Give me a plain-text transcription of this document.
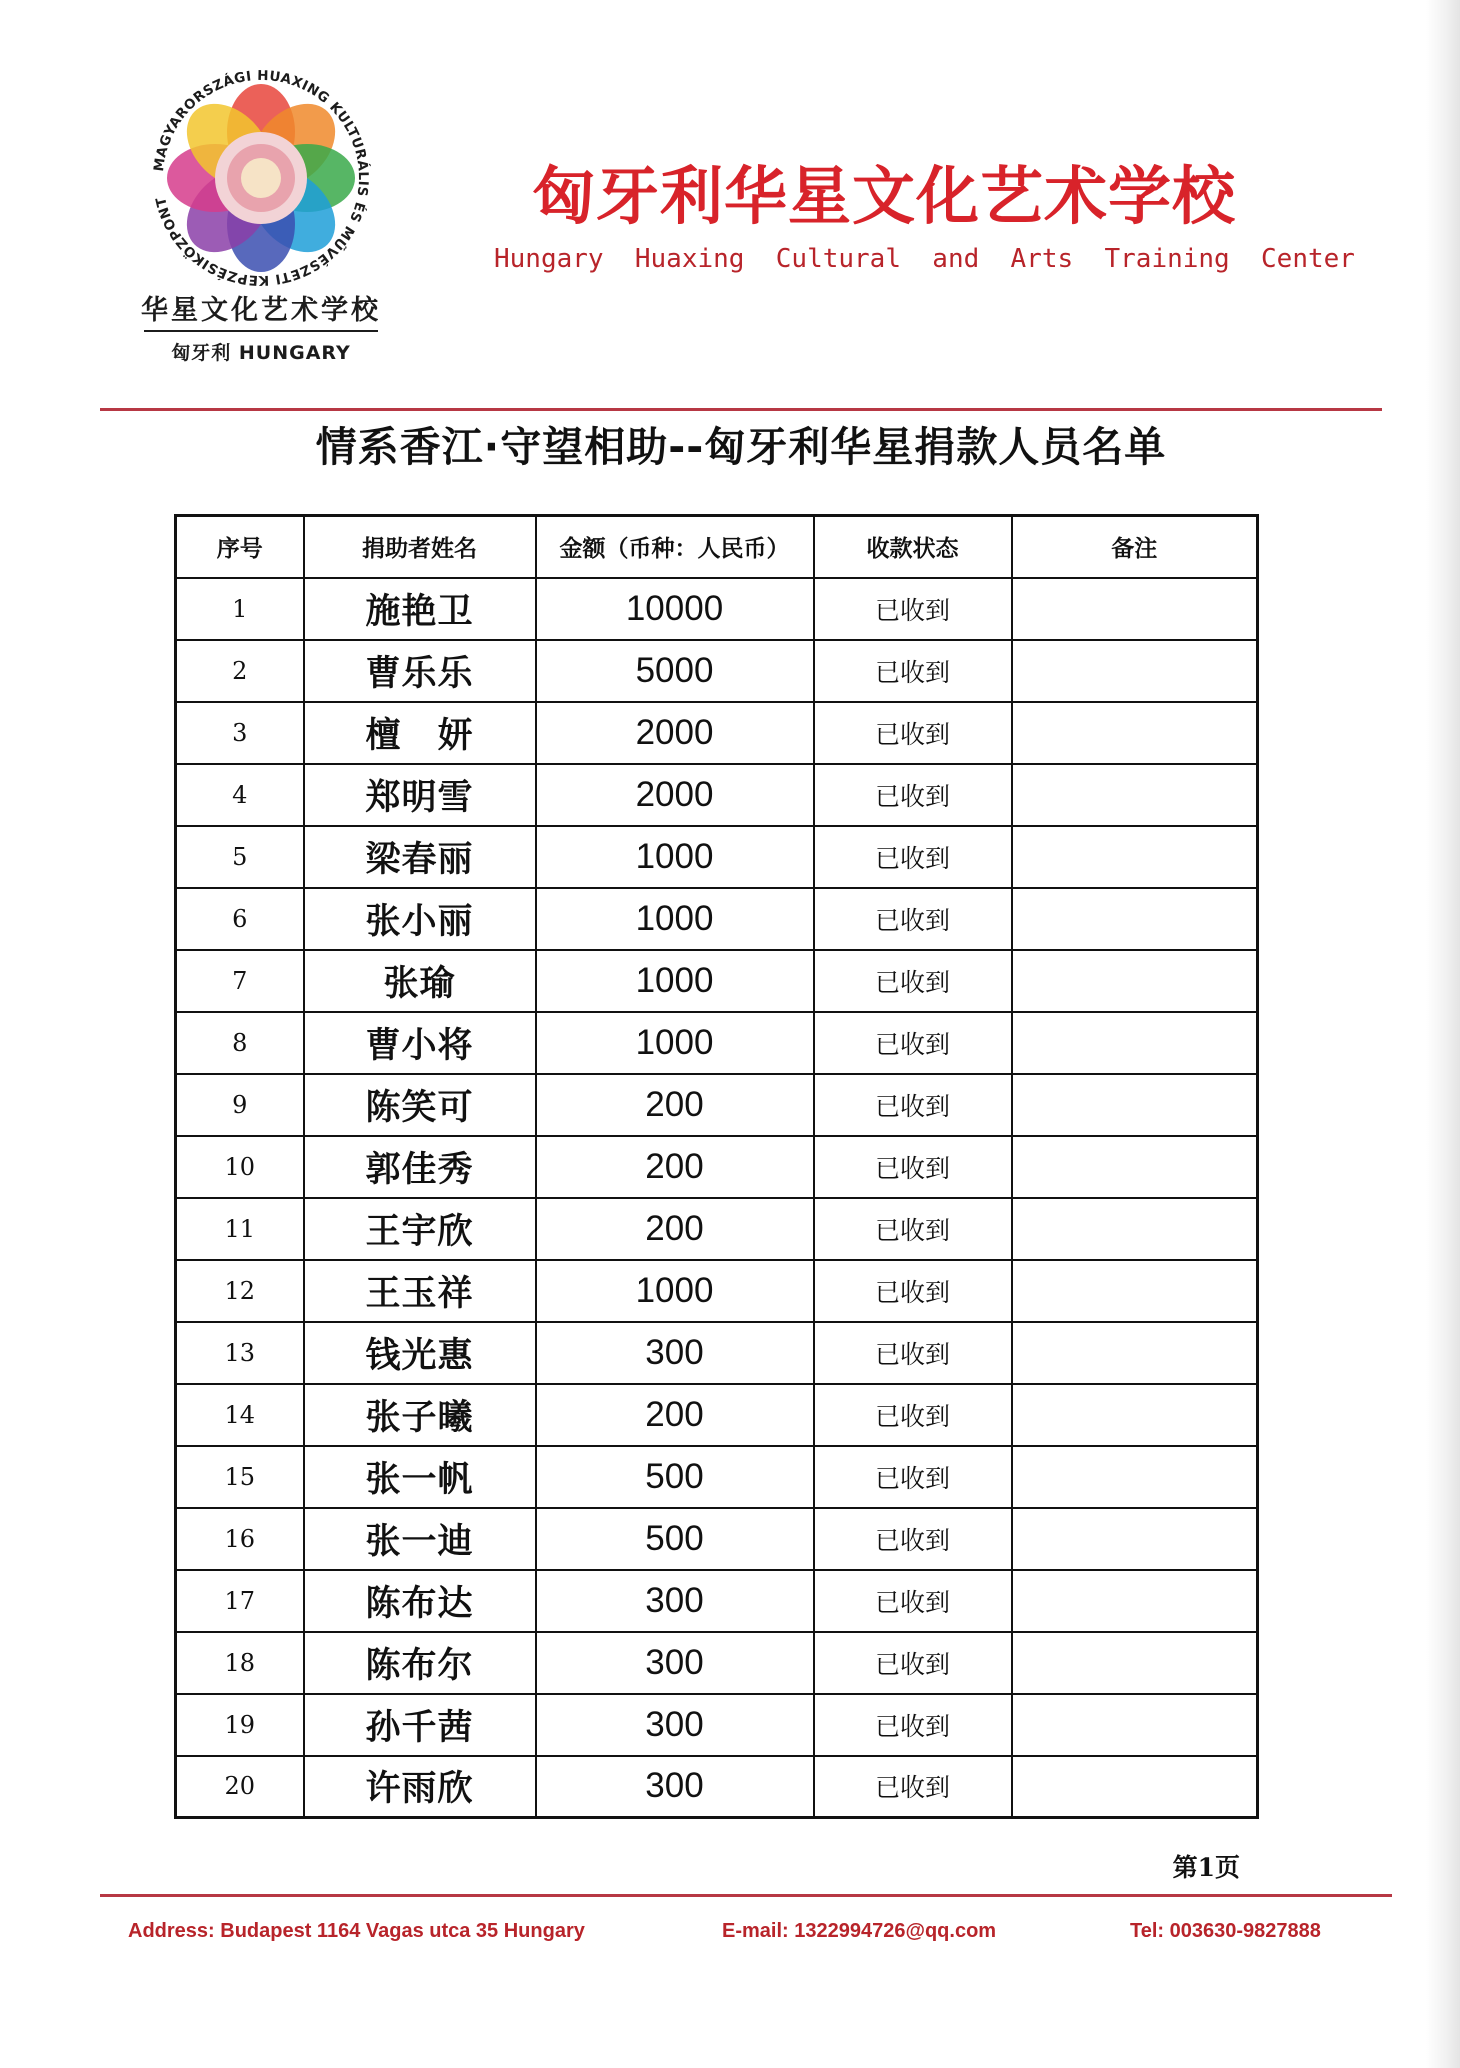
MAGYARORSZÁGI HUAXING KULTURÁLIS ÉS MŰVÉSZETI KÉPZÉSIKÖZPONT
华星文化艺术学校
匈牙利 HUNGARY
匈牙利华星文化艺术学校
Hungary  Huaxing  Cultural  and  Arts  Training  Center
情系香江·守望相助--匈牙利华星捐款人员名单
序号	捐助者姓名	金额（币种：人民币）	收款状态	备注
1	施艳卫	10000	已收到	
2	曹乐乐	5000	已收到	
3	檀　妍	2000	已收到	
4	郑明雪	2000	已收到	
5	梁春丽	1000	已收到	
6	张小丽	1000	已收到	
7	张瑜	1000	已收到	
8	曹小将	1000	已收到	
9	陈笑可	200	已收到	
10	郭佳秀	200	已收到	
11	王宇欣	200	已收到	
12	王玉祥	1000	已收到	
13	钱光惠	300	已收到	
14	张子曦	200	已收到	
15	张一帆	500	已收到	
16	张一迪	500	已收到	
17	陈布达	300	已收到	
18	陈布尔	300	已收到	
19	孙千茜	300	已收到	
20	许雨欣	300	已收到	
第1页
Address: Budapest 1164 Vagas utca 35 Hungary	E-mail: 1322994726@qq.com	Tel: 003630-9827888
